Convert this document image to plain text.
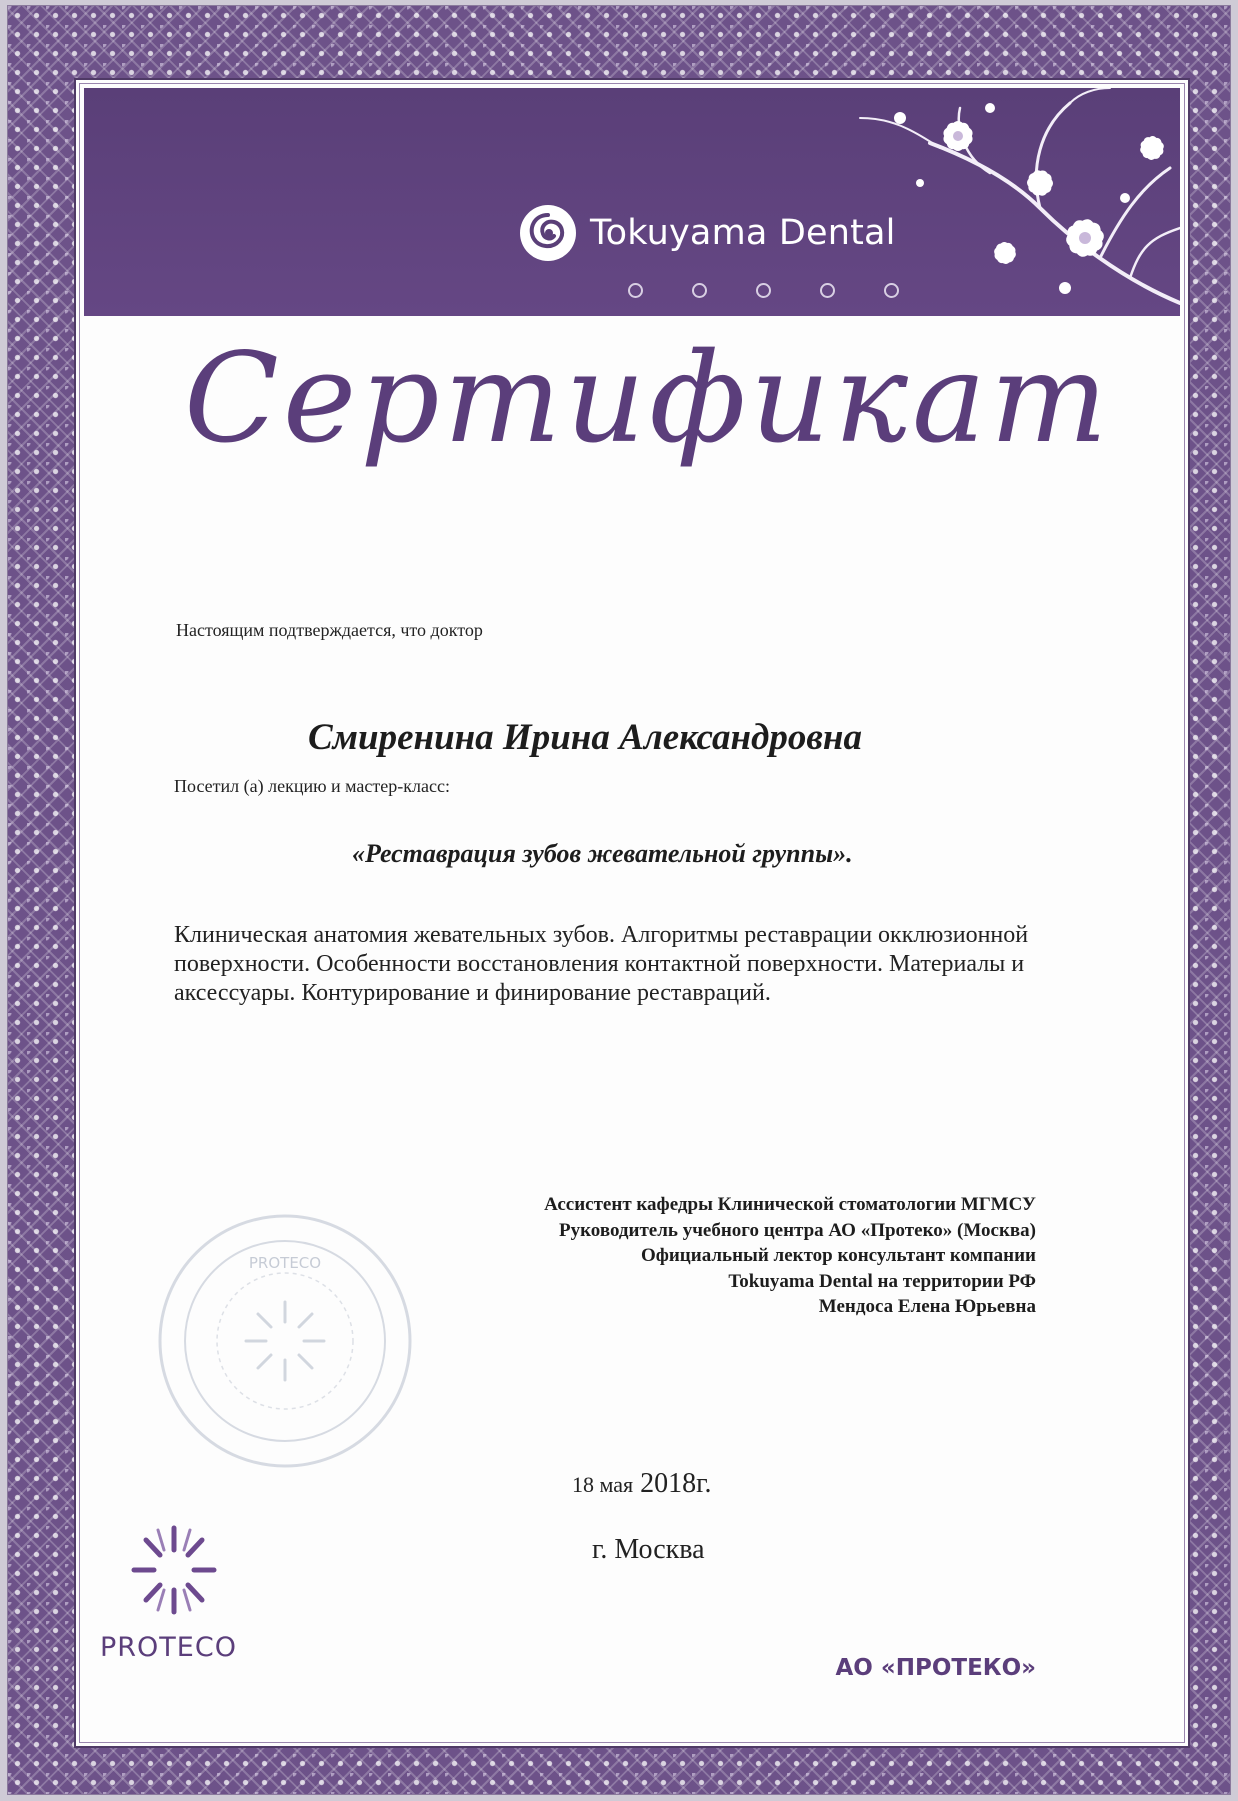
Tokuyama Dental
Сертификат
Настоящим подтверждается, что доктор
Смиренина Ирина Александровна
Посетил (а) лекцию и мастер-класс:
«Реставрация зубов жевательной группы».
Клиническая анатомия жевательных зубов. Алгоритмы реставрации окклюзионной поверхности. Особенности восстановления контактной поверхности. Материалы и аксессуары. Контурирование и финирование реставраций.
Ассистент кафедры Клинической стоматологии МГМСУ
Руководитель учебного центра АО «Протеко» (Москва)
Официальный лектор консультант компании
Tokuyama Dental на территории РФ
Мендоса Елена Юрьевна
PROTECO
18 мая 2018г.
г. Москва
PROTECO
АО «ПРОТЕКО»
